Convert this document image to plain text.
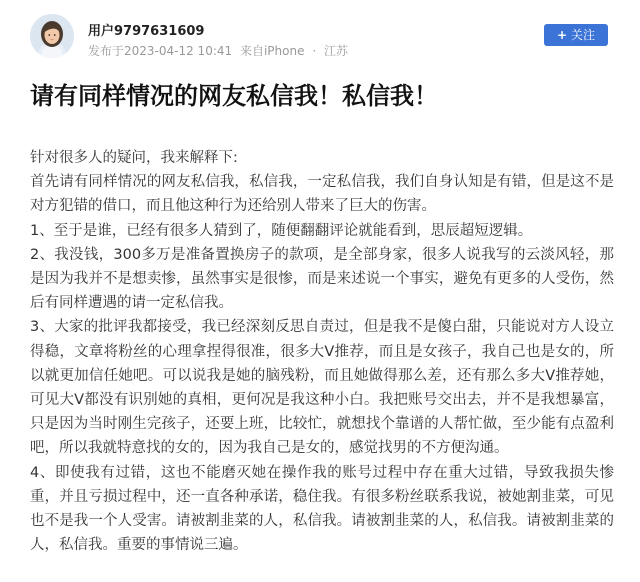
用户9797631609
发布于2023-04-12 10:41 来自iPhone · 江苏
+ 关注
请有同样情况的网友私信我！私信我！

针对很多人的疑问，我来解释下:

首先请有同样情况的网友私信我，私信我，一定私信我，我们自身认知是有错，但是这不是对方犯错的借口，而且他这种行为还给别人带来了巨大的伤害。

1、至于是谁，已经有很多人猜到了，随便翻翻评论就能看到，思辰超短逻辑。

2、我没钱，300多万是准备置换房子的款项，是全部身家，很多人说我写的云淡风轻，那是因为我并不是想卖惨，虽然事实是很惨，而是来述说一个事实，避免有更多的人受伤，然后有同样遭遇的请一定私信我。

3、大家的批评我都接受，我已经深刻反思自责过，但是我不是傻白甜，只能说对方人设立得稳，文章将粉丝的心理拿捏得很准，很多大V推荐，而且是女孩子，我自己也是女的，所以就更加信任她吧。可以说我是她的脑残粉，而且她做得那么差，还有那么多大V推荐她，可见大V都没有识别她的真相，更何况是我这种小白。我把账号交出去，并不是我想暴富，只是因为当时刚生完孩子，还要上班，比较忙，就想找个靠谱的人帮忙做，至少能有点盈利吧，所以我就特意找的女的，因为我自己是女的，感觉找男的不方便沟通。

4、即使我有过错，这也不能磨灭她在操作我的账号过程中存在重大过错，导致我损失惨重，并且亏损过程中，还一直各种承诺，稳住我。有很多粉丝联系我说，被她割韭菜，可见也不是我一个人受害。请被割韭菜的人，私信我。请被割韭菜的人，私信我。请被割韭菜的人，私信我。重要的事情说三遍。
